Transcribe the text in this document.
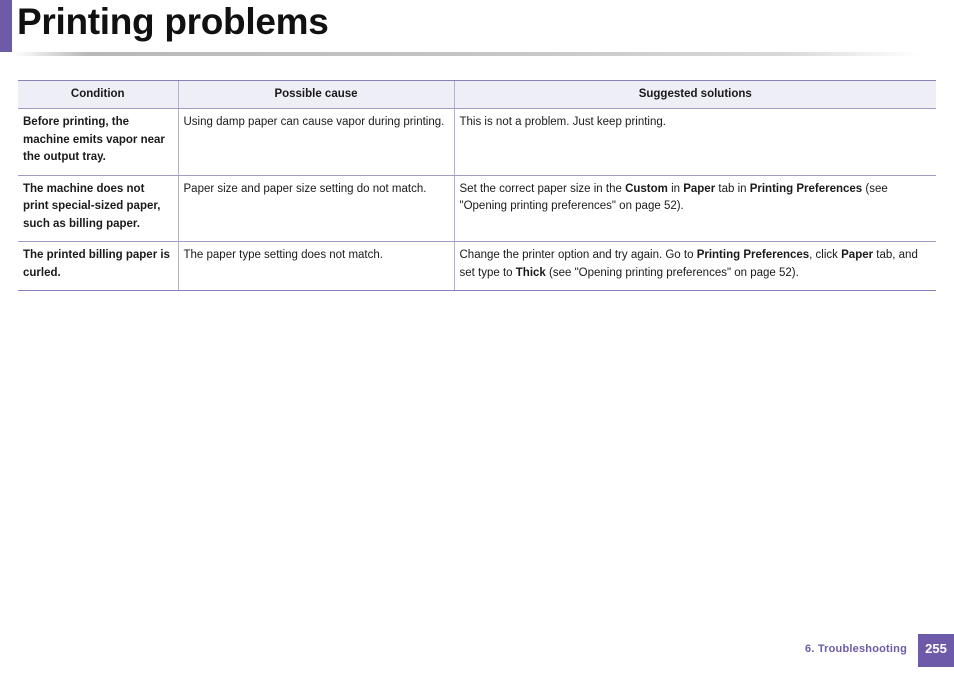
Printing problems
Condition	Possible cause	Suggested solutions
Before printing, the machine emits vapor near the output tray.	Using damp paper can cause vapor during printing.	This is not a problem. Just keep printing.
The machine does not print special-sized paper, such as billing paper.	Paper size and paper size setting do not match.	Set the correct paper size in the Custom in Paper tab in Printing Preferences (see "Opening printing preferences" on page 52).
The printed billing paper is curled.	The paper type setting does not match.	Change the printer option and try again. Go to Printing Preferences, click Paper tab, and set type to Thick (see "Opening printing preferences" on page 52).
6. Troubleshooting	255
